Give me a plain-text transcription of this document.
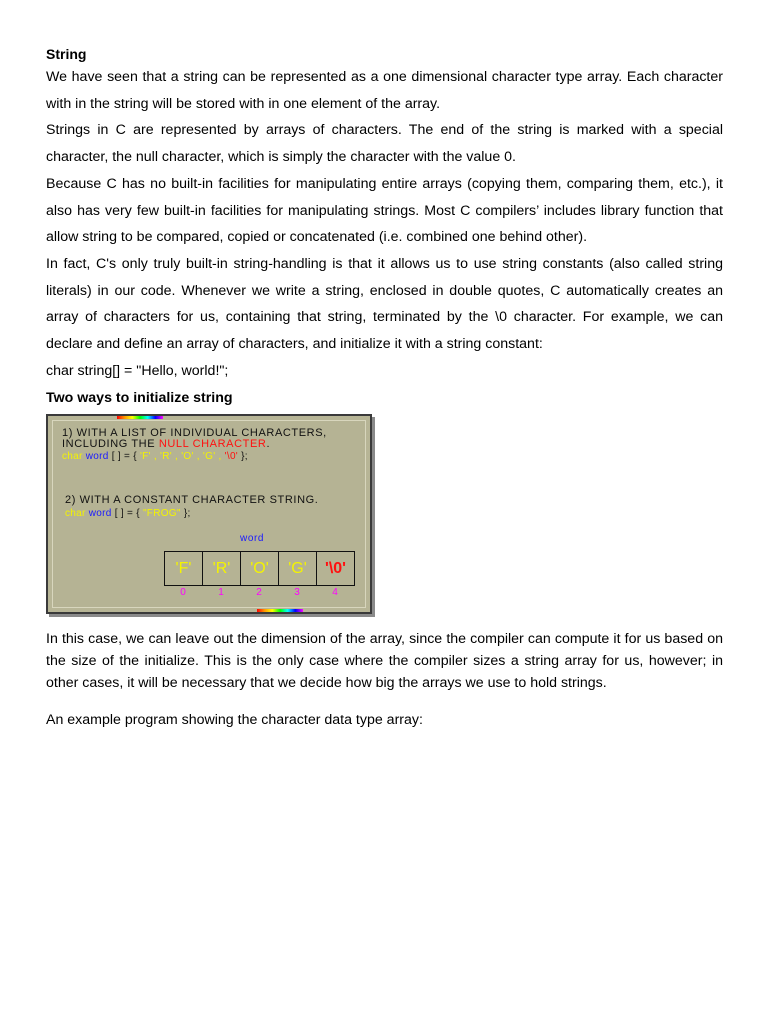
String

We have seen that a string can be represented as a one dimensional character type array. Each character with in the string will be stored with in one element of the array.

Strings in C are represented by arrays of characters. The end of the string is marked with a special character, the null character, which is simply the character with the value 0.

Because C has no built-in facilities for manipulating entire arrays (copying them, comparing them, etc.), it also has very few built-in facilities for manipulating strings. Most C compilers’ includes library function that allow string to be compared, copied or concatenated (i.e. combined one behind other).

In fact, C's only truly built-in string-handling is that it allows us to use string constants (also called string literals) in our code. Whenever we write a string, enclosed in double quotes, C automatically creates an array of characters for us, containing that string, terminated by the \0 character. For example, we can declare and define an array of characters, and initialize it with a string constant:

char string[] = "Hello, world!";

Two ways to initialize string

1) WITH A LIST OF INDIVIDUAL CHARACTERS,
INCLUDING THE NULL CHARACTER.
char word [ ] = { 'F' , 'R' , 'O' , 'G' , '\0' };
2) WITH A CONSTANT CHARACTER STRING.
char word [ ] = { "FROG" };
word
'F'	'R'	'O'	'G'	'\0'
0	1	2	3	4

In this case, we can leave out the dimension of the array, since the compiler can compute it for us based on the size of the initialize. This is the only case where the compiler sizes a string array for us, however; in other cases, it will be necessary that we decide how big the arrays we use to hold strings.

An example program showing the character data type array:
